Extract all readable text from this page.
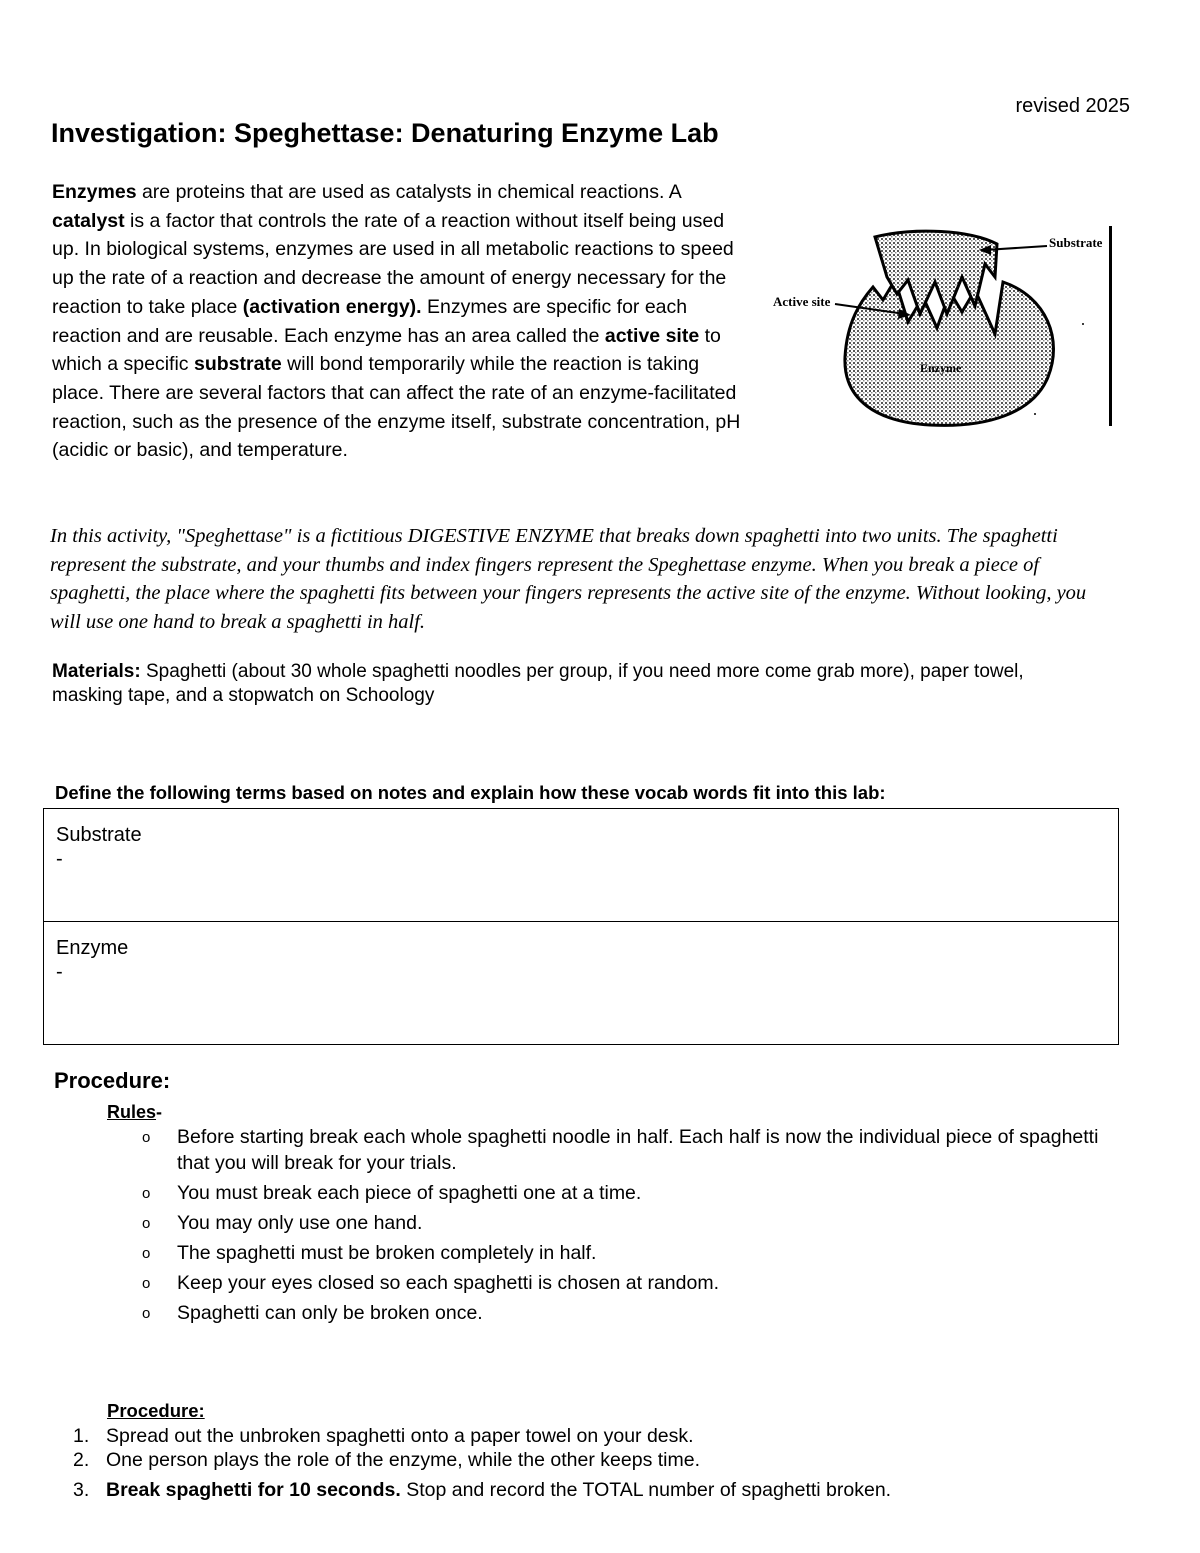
revised 2025
Investigation: Speghettase: Denaturing Enzyme Lab
Enzymes are proteins that are used as catalysts in chemical reactions. A catalyst is a factor that controls the rate of a reaction without itself being used up. In biological systems, enzymes are used in all metabolic reactions to speed up the rate of a reaction and decrease the amount of energy necessary for the reaction to take place (activation energy). Enzymes are specific for each reaction and are reusable. Each enzyme has an area called the active site to which a specific substrate will bond temporarily while the reaction is taking place. There are several factors that can affect the rate of an enzyme-facilitated reaction, such as the presence of the enzyme itself, substrate concentration, pH (acidic or basic), and temperature.
Substrate
Active site
Enzyme
In this activity, "Speghettase" is a fictitious DIGESTIVE ENZYME that breaks down spaghetti into two units. The spaghetti represent the substrate, and your thumbs and index fingers represent the Speghettase enzyme. When you break a piece of spaghetti, the place where the spaghetti fits between your fingers represents the active site of the enzyme. Without looking, you will use one hand to break a spaghetti in half.
Materials: Spaghetti (about 30 whole spaghetti noodles per group, if you need more come grab more), paper towel, masking tape, and a stopwatch on Schoology
Define the following terms based on notes and explain how these vocab words fit into this lab:
Substrate
-

Enzyme
-
Procedure:
Rules-
o Before starting break each whole spaghetti noodle in half. Each half is now the individual piece of spaghetti that you will break for your trials.
o You must break each piece of spaghetti one at a time.
o You may only use one hand.
o The spaghetti must be broken completely in half.
o Keep your eyes closed so each spaghetti is chosen at random.
o Spaghetti can only be broken once.
Procedure:
1. Spread out the unbroken spaghetti onto a paper towel on your desk.
2. One person plays the role of the enzyme, while the other keeps time.
3. Break spaghetti for 10 seconds. Stop and record the TOTAL number of spaghetti broken.
